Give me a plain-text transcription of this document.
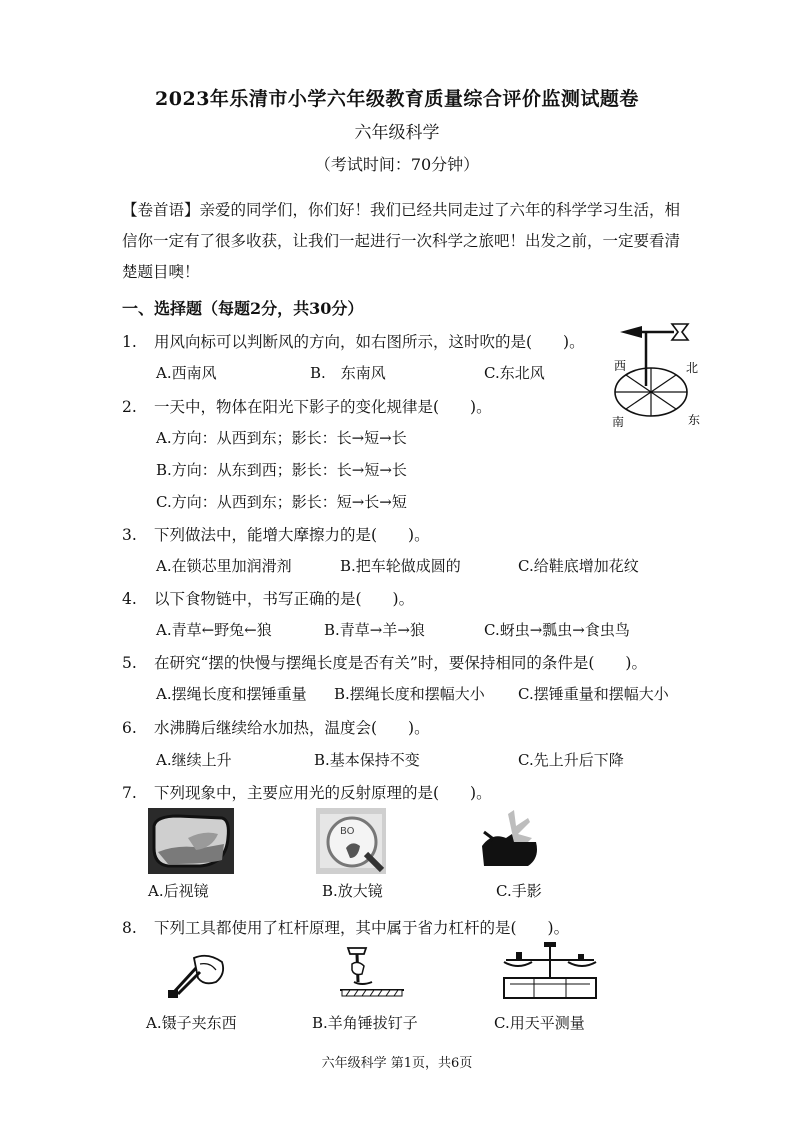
2023年乐清市小学六年级教育质量综合评价监测试题卷
六年级科学
（考试时间：70分钟）
【卷首语】亲爱的同学们，你们好！我们已经共同走过了六年的科学学习生活，相信你一定有了很多收获，让我们一起进行一次科学之旅吧！出发之前，一定要看清楚题目噢！
一、选择题（每题2分，共30分）
1. 用风向标可以判断风的方向，如右图所示，这时吹的是(　　)。
A.西南风	B.　东南风	C.东北风	西	北
南	东
2. 一天中，物体在阳光下影子的变化规律是(　　)。
A.方向：从西到东；影长：长→短→长
B.方向：从东到西；影长：长→短→长
C.方向：从西到东；影长：短→长→短
3. 下列做法中，能增大摩擦力的是(　　)。
A.在锁芯里加润滑剂	B.把车轮做成圆的	C.给鞋底增加花纹
4. 以下食物链中，书写正确的是(　　)。
A.青草←野兔←狼	B.青草→羊→狼	C.蚜虫→瓢虫→食虫鸟
5. 在研究“摆的快慢与摆绳长度是否有关”时，要保持相同的条件是(　　)。
A.摆绳长度和摆锤重量 B.摆绳长度和摆幅大小 C.摆锤重量和摆幅大小
6. 水沸腾后继续给水加热，温度会(　　)。
A.继续上升	B.基本保持不变	C.先上升后下降
7. 下列现象中，主要应用光的反射原理的是(　　)。
BO
A.后视镜	B.放大镜	C.手影
8. 下列工具都使用了杠杆原理，其中属于省力杠杆的是(　　)。
A.镊子夹东西	B.羊角锤拔钉子	C.用天平测量
六年级科学 第1页，共6页
